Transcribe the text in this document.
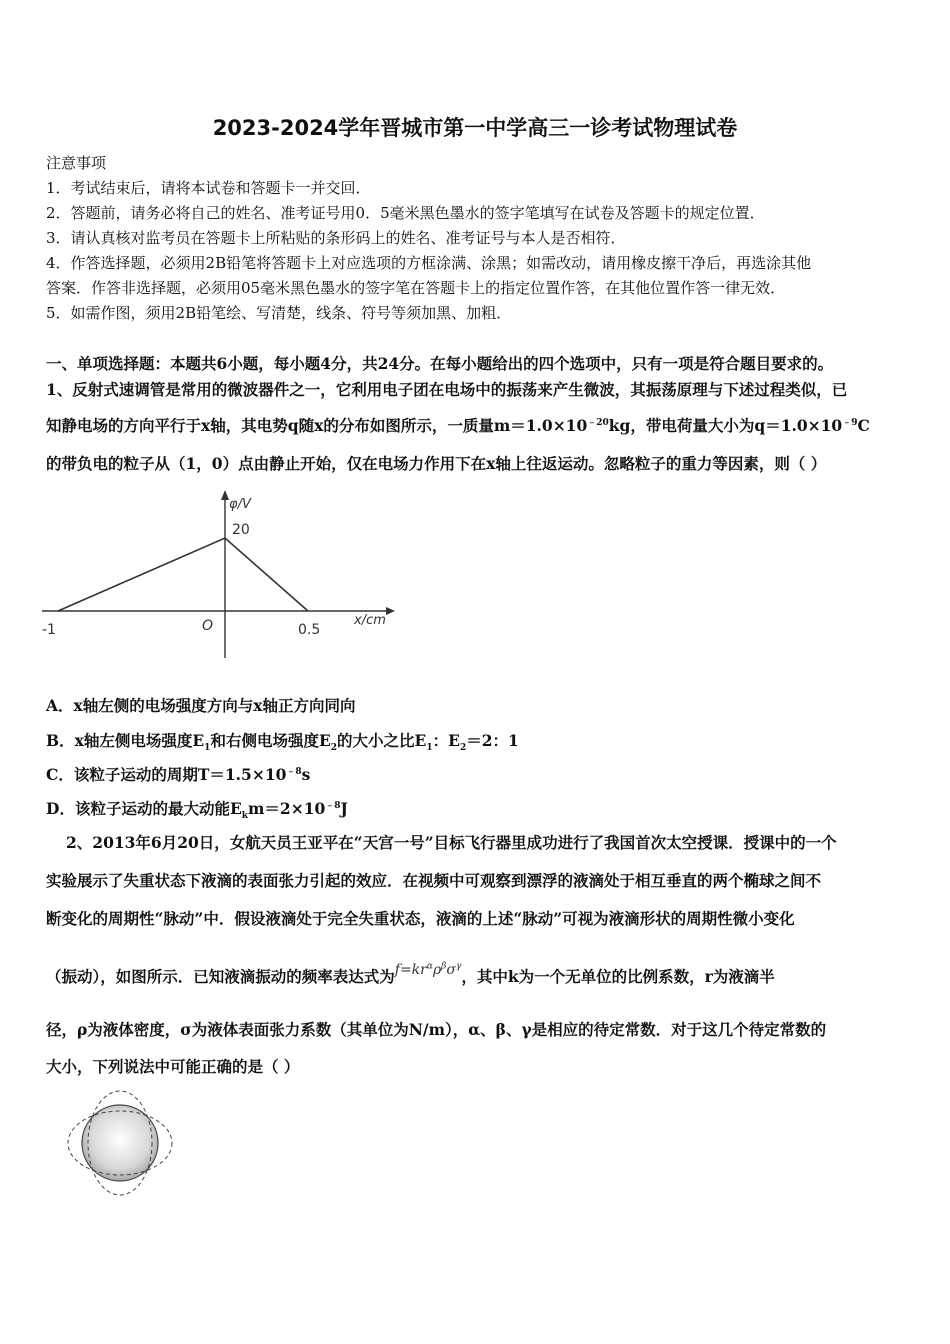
2023-2024学年晋城市第一中学高三一诊考试物理试卷
注意事项
1．考试结束后，请将本试卷和答题卡一并交回．
2．答题前，请务必将自己的姓名、准考证号用0．5毫米黑色墨水的签字笔填写在试卷及答题卡的规定位置．
3．请认真核对监考员在答题卡上所粘贴的条形码上的姓名、准考证号与本人是否相符．
4．作答选择题，必须用2B铅笔将答题卡上对应选项的方框涂满、涂黑；如需改动，请用橡皮擦干净后，再选涂其他
答案．作答非选择题，必须用05毫米黑色墨水的签字笔在答题卡上的指定位置作答，在其他位置作答一律无效．
5．如需作图，须用2B铅笔绘、写清楚，线条、符号等须加黑、加粗．
一、单项选择题：本题共6小题，每小题4分，共24分。在每小题给出的四个选项中，只有一项是符合题目要求的。
1、反射式速调管是常用的微波器件之一，它利用电子团在电场中的振荡来产生微波，其振荡原理与下述过程类似，已
知静电场的方向平行于x轴，其电势q随x的分布如图所示，一质量$m=1.0\times 10^{﹣20}kg$，带电荷量大小为$q=1.0\times 10^{﹣9}C$
的带负电的粒子从（1，0）点由静止开始，仅在电场力作用下在x轴上往返运动。忽略粒子的重力等因素，则（ ）
φ/V
x/cm
20
O
-1	0.5
A．x轴左侧的电场强度方向与x轴正方向同向
B．x轴左侧电场强度$E_1$和右侧电场强度$E_2$的大小之比$E_1$：$E_2=2$：1
C．该粒子运动的周期$T=1.5\times 10^{﹣8}s$
D．该粒子运动的最大动能$E_km=2\times 10^{﹣8}J$
2、2013年6月20日，女航天员王亚平在“天宫一号”目标飞行器里成功进行了我国首次太空授课．授课中的一个
实验展示了失重状态下液滴的表面张力引起的效应．在视频中可观察到漂浮的液滴处于相互垂直的两个椭球之间不
断变化的周期性“脉动”中．假设液滴处于完全失重状态，液滴的上述“脉动”可视为液滴形状的周期性微小变化
（振动），如图所示．已知液滴振动的频率表达式为$f=kr^\alpha\rho^\beta\sigma^\gamma$，其中k为一个无单位的比例系数，r为液滴半
径，ρ为液体密度，σ为液体表面张力系数（其单位为N/m），α、β、γ是相应的待定常数．对于这几个待定常数的
大小，下列说法中可能正确的是（ ）
